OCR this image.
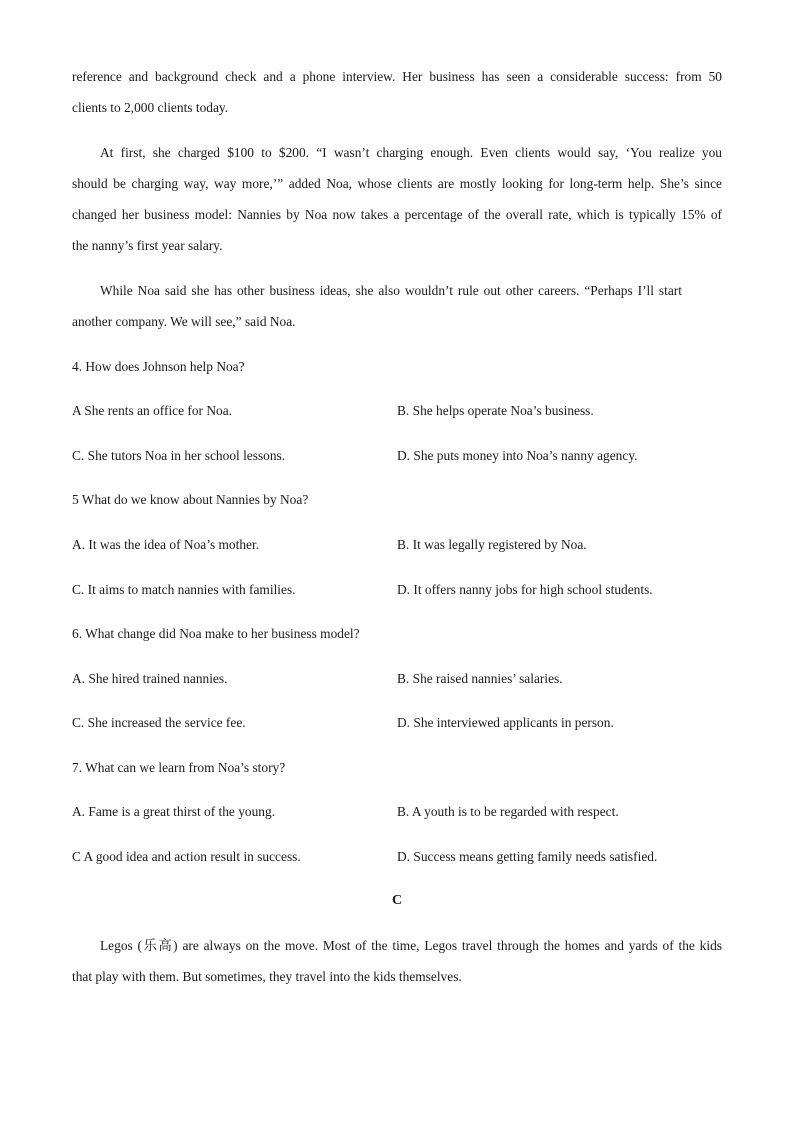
reference and background check and a phone interview. Her business has seen a considerable success: from 50
clients to 2,000 clients today.
At first, she charged $100 to $200. “I wasn’t charging enough. Even clients would say, ‘You realize you
should be charging way, way more,’” added Noa, whose clients are mostly looking for long-term help. She’s since
changed her business model: Nannies by Noa now takes a percentage of the overall rate, which is typically 15% of
the nanny’s first year salary.
While Noa said she has other business ideas, she also wouldn’t rule out other careers. “Perhaps I’ll start
another company. We will see,” said Noa.
4. How does Johnson help Noa?
A She rents an office for Noa.	B. She helps operate Noa’s business.
C. She tutors Noa in her school lessons.	D. She puts money into Noa’s nanny agency.
5 What do we know about Nannies by Noa?
A. It was the idea of Noa’s mother.	B. It was legally registered by Noa.
C. It aims to match nannies with families.	D. It offers nanny jobs for high school students.
6. What change did Noa make to her business model?
A. She hired trained nannies.	B. She raised nannies’ salaries.
C. She increased the service fee.	D. She interviewed applicants in person.
7. What can we learn from Noa’s story?
A. Fame is a great thirst of the young.	B. A youth is to be regarded with respect.
C A good idea and action result in success.	D. Success means getting family needs satisfied.
C
Legos (乐高) are always on the move. Most of the time, Legos travel through the homes and yards of the kids
that play with them. But sometimes, they travel into the kids themselves.
